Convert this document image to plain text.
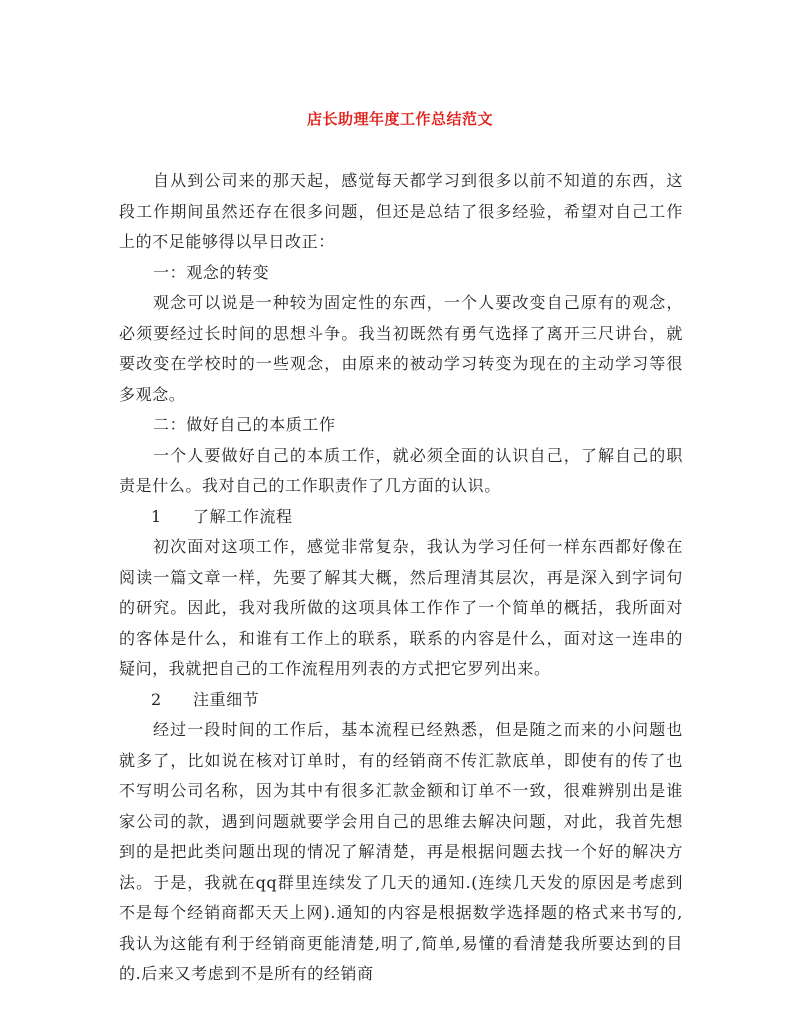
店长助理年度工作总结范文

自从到公司来的那天起，感觉每天都学习到很多以前不知道的东西，这段工作期间虽然还存在很多问题，但还是总结了很多经验，希望对自己工作上的不足能够得以早日改正：

一：观念的转变

观念可以说是一种较为固定性的东西，一个人要改变自己原有的观念，必须要经过长时间的思想斗争。我当初既然有勇气选择了离开三尺讲台，就要改变在学校时的一些观念，由原来的被动学习转变为现在的主动学习等很多观念。

二：做好自己的本质工作

一个人要做好自己的本质工作，就必须全面的认识自己，了解自己的职责是什么。我对自己的工作职责作了几方面的认识。

1 了解工作流程

初次面对这项工作，感觉非常复杂，我认为学习任何一样东西都好像在阅读一篇文章一样，先要了解其大概，然后理清其层次，再是深入到字词句的研究。因此，我对我所做的这项具体工作作了一个简单的概括，我所面对的客体是什么，和谁有工作上的联系，联系的内容是什么，面对这一连串的疑问，我就把自己的工作流程用列表的方式把它罗列出来。

2 注重细节

经过一段时间的工作后，基本流程已经熟悉，但是随之而来的小问题也就多了，比如说在核对订单时，有的经销商不传汇款底单，即使有的传了也不写明公司名称，因为其中有很多汇款金额和订单不一致，很难辨别出是谁家公司的款，遇到问题就要学会用自己的思维去解决问题，对此，我首先想到的是把此类问题出现的情况了解清楚，再是根据问题去找一个好的解决方法。于是，我就在qq群里连续发了几天的通知.(连续几天发的原因是考虑到不是每个经销商都天天上网).通知的内容是根据数学选择题的格式来书写的,我认为这能有利于经销商更能清楚,明了,简单,易懂的看清楚我所要达到的目的.后来又考虑到不是所有的经销商
